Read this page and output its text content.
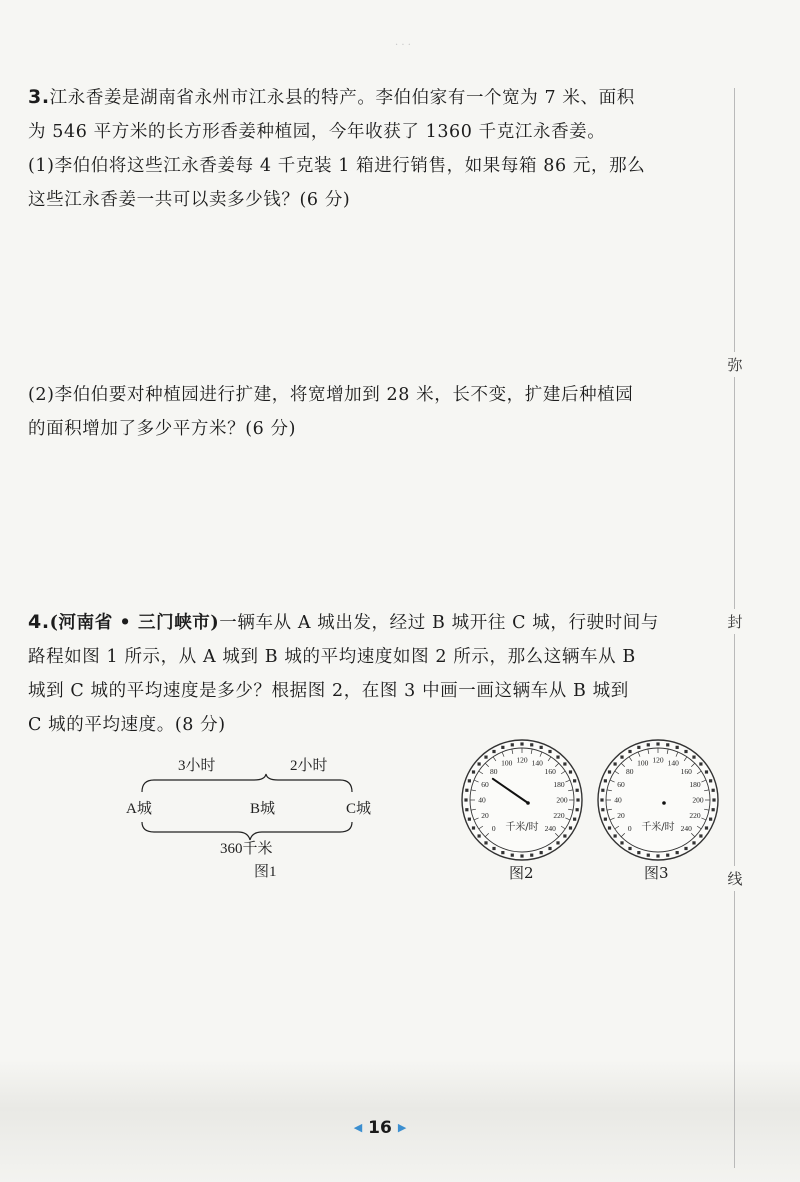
· · ·
弥
封
线

3.江永香姜是湖南省永州市江永县的特产。李伯伯家有一个宽为 7 米、面积

为 546 平方米的长方形香姜种植园，今年收获了 1360 千克江永香姜。

(1)李伯伯将这些江永香姜每 4 千克装 1 箱进行销售，如果每箱 86 元，那么

这些江永香姜一共可以卖多少钱？(6 分)

(2)李伯伯要对种植园进行扩建，将宽增加到 28 米，长不变，扩建后种植园

的面积增加了多少平方米？(6 分)

4.(河南省 • 三门峡市)一辆车从 A 城出发，经过 B 城开往 C 城，行驶时间与

路程如图 1 所示，从 A 城到 B 城的平均速度如图 2 所示，那么这辆车从 B

城到 C 城的平均速度是多少？根据图 2，在图 3 中画一画这辆车从 B 城到

C 城的平均速度。(8 分)

3小时	2小时
A城	B城	C城
360千米
图1
0
20
40
60
80
100 120 140
160
180
200
220
240
千米/时	0
20
40
60
80
100 120 140
160
180
200
220
240
千米/时
图2	图3
◀ 16 ▶
